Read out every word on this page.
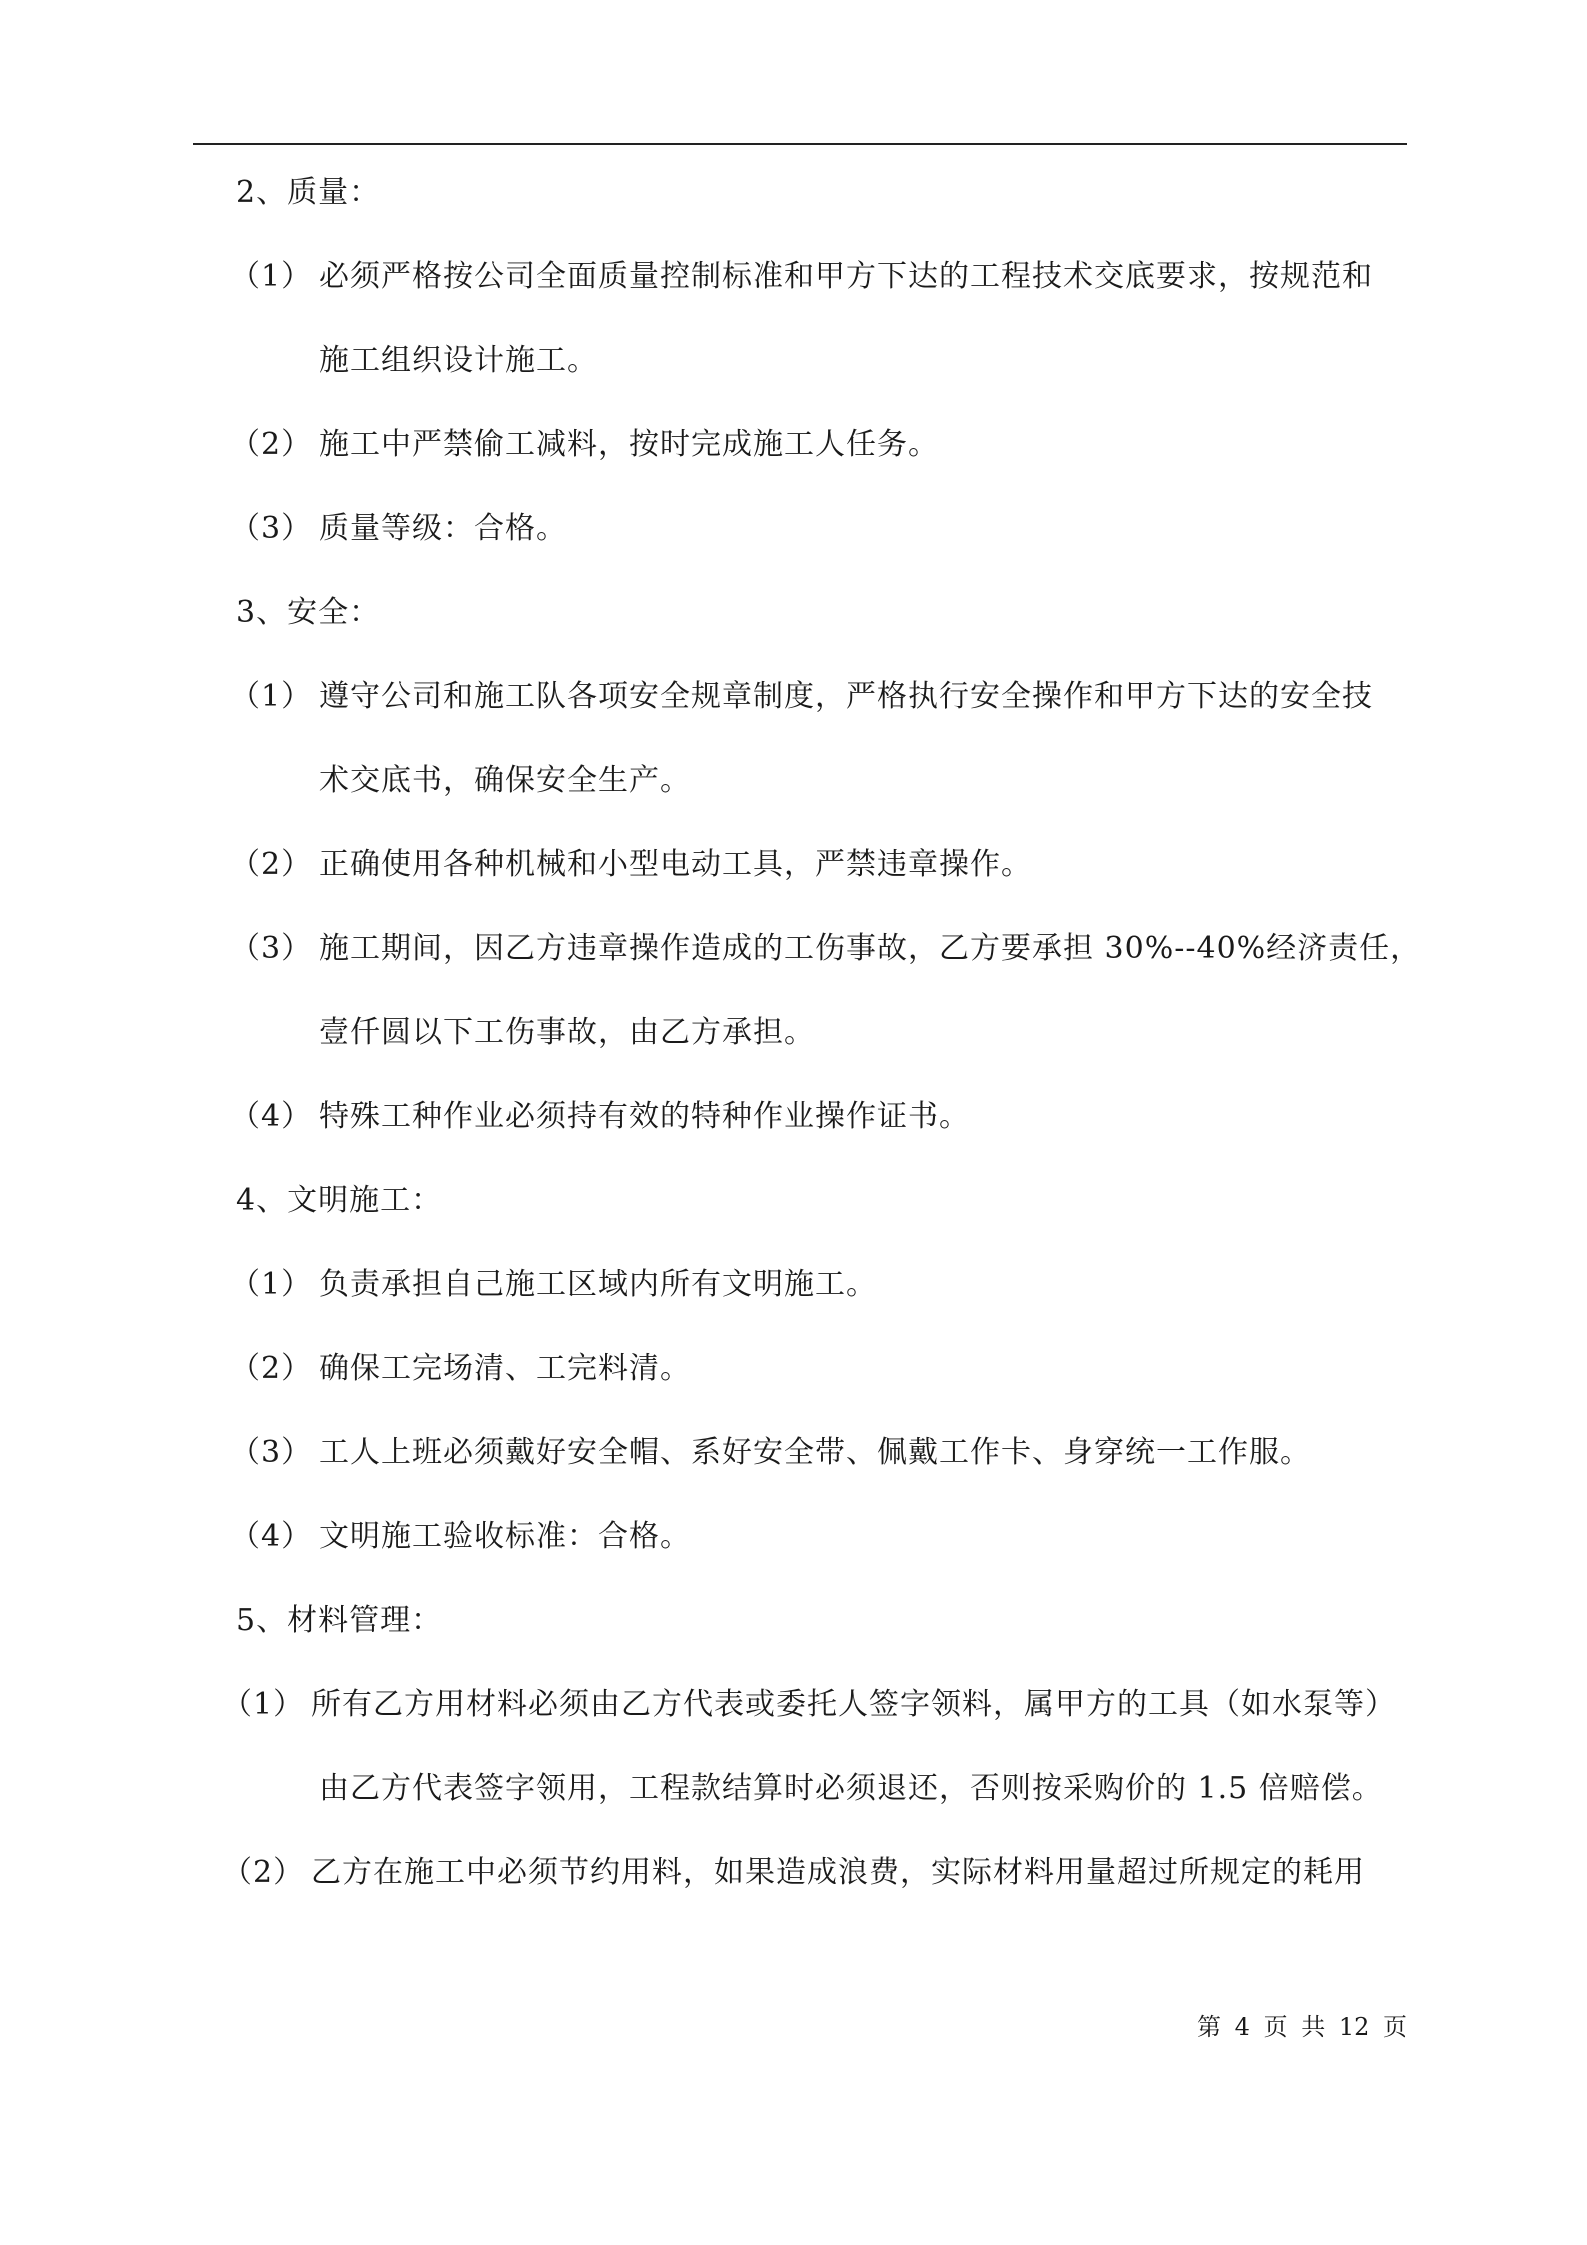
2、质量：
（1） 必须严格按公司全面质量控制标准和甲方下达的工程技术交底要求，按规范和
施工组织设计施工。
（2） 施工中严禁偷工减料，按时完成施工人任务。
（3） 质量等级：合格。
3、安全：
（1） 遵守公司和施工队各项安全规章制度，严格执行安全操作和甲方下达的安全技
术交底书，确保安全生产。
（2） 正确使用各种机械和小型电动工具，严禁违章操作。
（3） 施工期间，因乙方违章操作造成的工伤事故，乙方要承担 30%--40%经济责任，
壹仟圆以下工伤事故，由乙方承担。
（4） 特殊工种作业必须持有效的特种作业操作证书。
4、文明施工：
（1） 负责承担自己施工区域内所有文明施工。
（2） 确保工完场清、工完料清。
（3） 工人上班必须戴好安全帽、系好安全带、佩戴工作卡、身穿统一工作服。
（4） 文明施工验收标准：合格。
5、材料管理：
（1） 所有乙方用材料必须由乙方代表或委托人签字领料，属甲方的工具（如水泵等）
由乙方代表签字领用，工程款结算时必须退还，否则按采购价的 1.5 倍赔偿。
（2） 乙方在施工中必须节约用料，如果造成浪费，实际材料用量超过所规定的耗用
第 4 页 共 12 页
